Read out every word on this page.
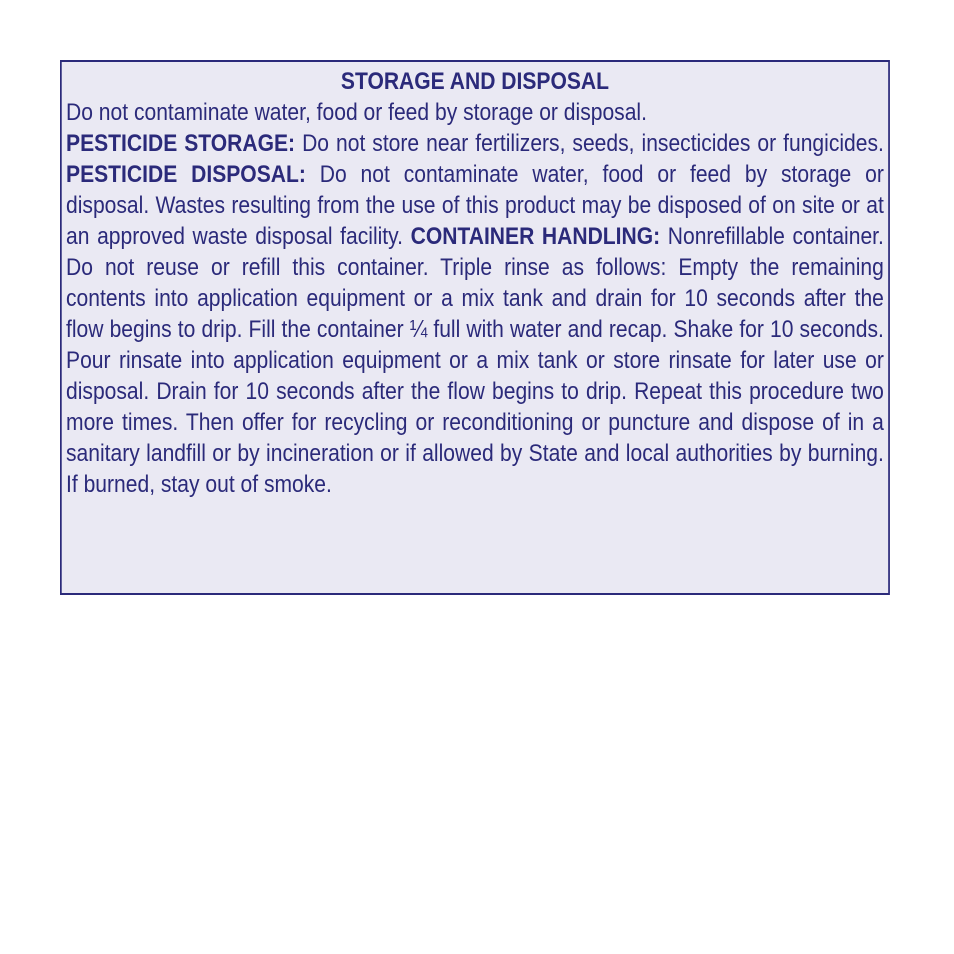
STORAGE AND DISPOSAL

Do not contaminate water, food or feed by storage or disposal.

PESTICIDE STORAGE: Do not store near fertilizers, seeds, insecticides or fungicides. PESTICIDE DISPOSAL: Do not contaminate water, food or feed by storage or disposal. Wastes resulting from the use of this product may be disposed of on site or at an approved waste disposal facility. CONTAINER HANDLING: Nonrefillable container. Do not reuse or refill this container. Triple rinse as follows: Empty the remaining contents into application equipment or a mix tank and drain for 10 seconds after the flow begins to drip. Fill the container ¼ full with water and recap. Shake for 10 seconds. Pour rinsate into application equipment or a mix tank or store rinsate for later use or disposal. Drain for 10 seconds after the flow begins to drip. Repeat this procedure two more times. Then offer for recycling or reconditioning or puncture and dispose of in a sanitary landfill or by incineration or if allowed by State and local authorities by burning. If burned, stay out of smoke.
